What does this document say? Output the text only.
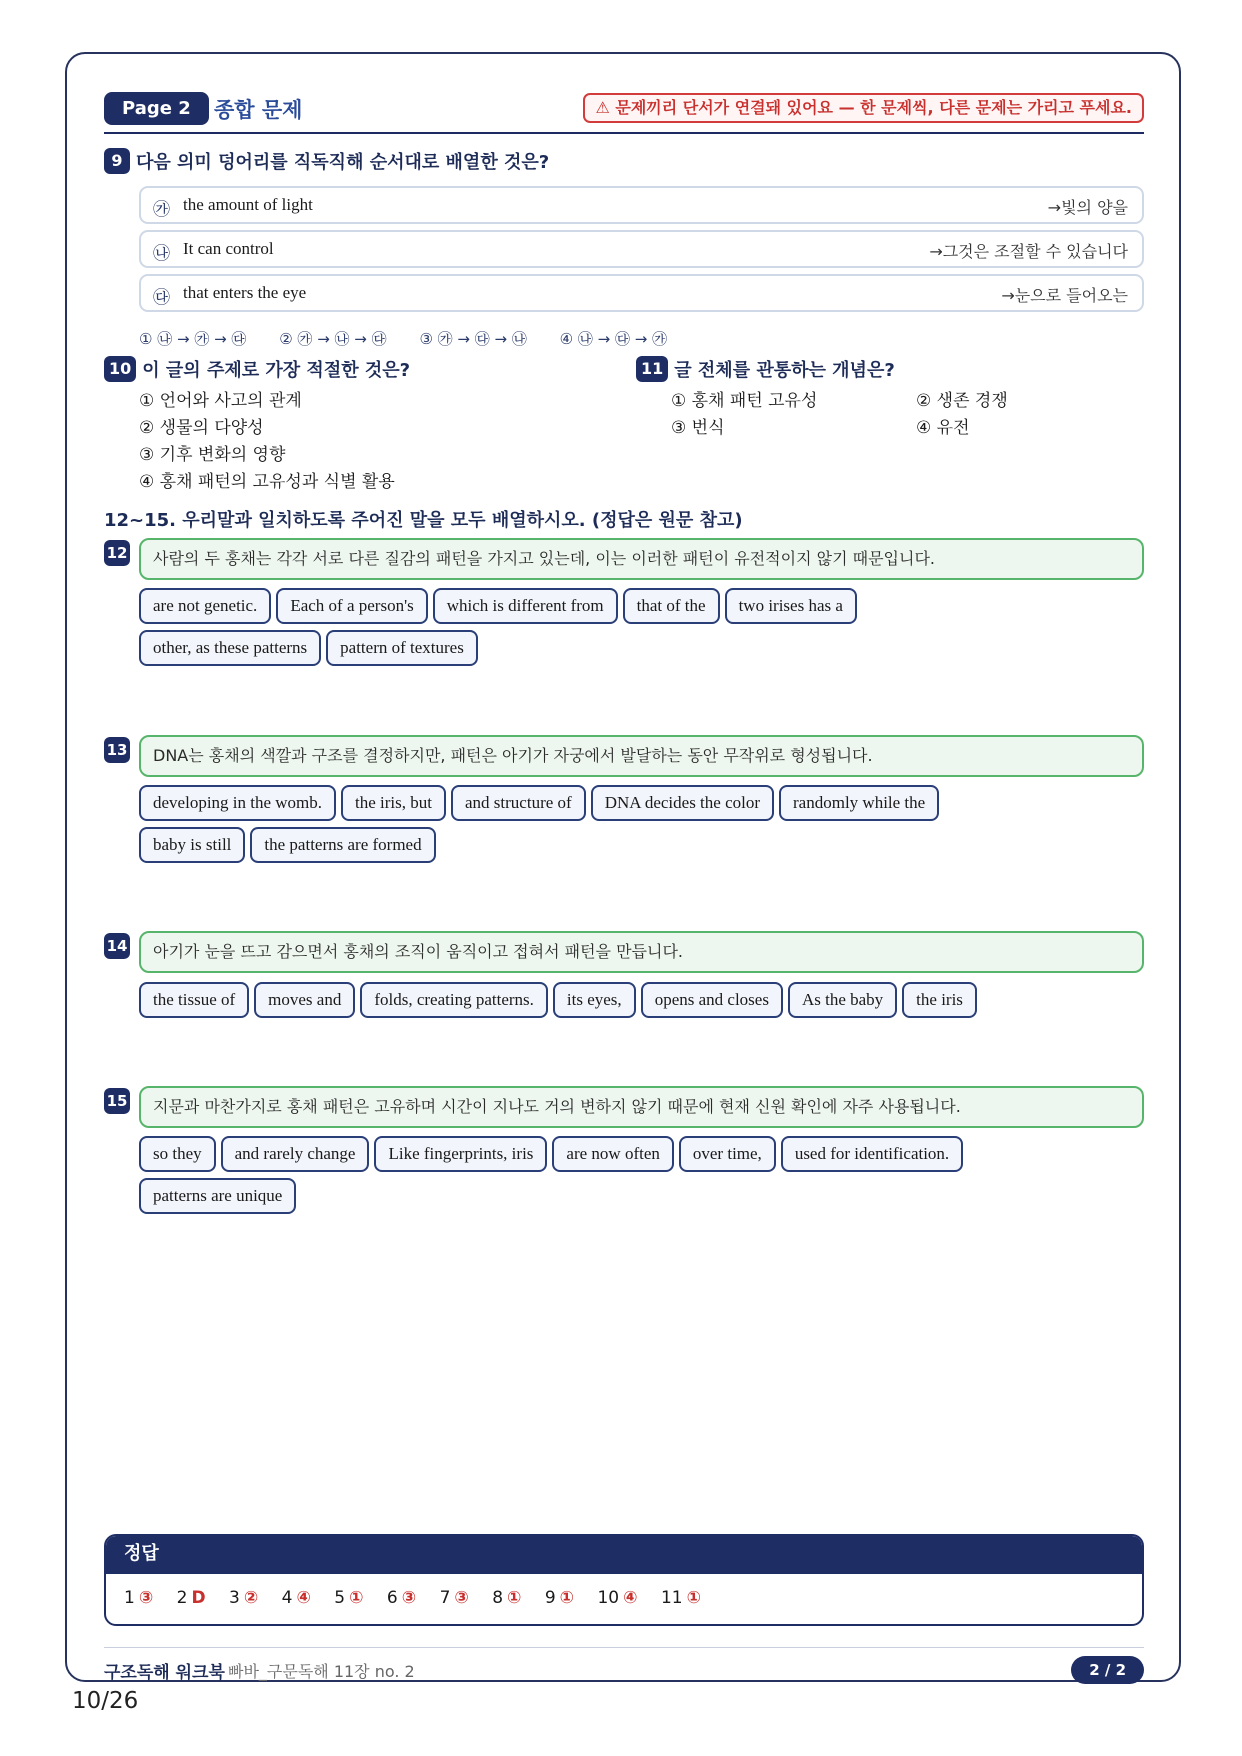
Page 2	종합 문제	⚠ 문제끼리 단서가 연결돼 있어요 — 한 문제씩, 다른 문제는 가리고 푸세요.
9 다음 의미 덩어리를 직독직해 순서대로 배열한 것은?
㉮ the amount of light	→빛의 양을
㉯ It can control	→그것은 조절할 수 있습니다
㉰ that enters the eye	→눈으로 들어오는
① ㉯ → ㉮ → ㉰ ② ㉮ → ㉯ → ㉰ ③ ㉮ → ㉰ → ㉯ ④ ㉯ → ㉰ → ㉮
10 이 글의 주제로 가장 적절한 것은?
① 언어와 사고의 관계
② 생물의 다양성
③ 기후 변화의 영향
④ 홍채 패턴의 고유성과 식별 활용
11 글 전체를 관통하는 개념은?
① 홍채 패턴 고유성	② 생존 경쟁
③ 번식	④ 유전
12~15. 우리말과 일치하도록 주어진 말을 모두 배열하시오. (정답은 원문 참고)
12	사람의 두 홍채는 각각 서로 다른 질감의 패턴을 가지고 있는데, 이는 이러한 패턴이 유전적이지 않기 때문입니다.
are not genetic. Each of a person's which is different from that of the two irises has a
other, as these patterns pattern of textures
13	DNA는 홍채의 색깔과 구조를 결정하지만, 패턴은 아기가 자궁에서 발달하는 동안 무작위로 형성됩니다.
developing in the womb. the iris, but and structure of DNA decides the color randomly while the
baby is still the patterns are formed
14	아기가 눈을 뜨고 감으면서 홍채의 조직이 움직이고 접혀서 패턴을 만듭니다.
the tissue of moves and folds, creating patterns. its eyes, opens and closes As the baby the iris
15	지문과 마찬가지로 홍채 패턴은 고유하며 시간이 지나도 거의 변하지 않기 때문에 현재 신원 확인에 자주 사용됩니다.
so they and rarely change Like fingerprints, iris are now often over time, used for identification.
patterns are unique
정답
1 ③ 2 D 3 ② 4 ④ 5 ① 6 ③ 7 ③ 8 ① 9 ① 10 ④ 11 ①
구조독해 워크북 빠바_구문독해 11장 no. 2	2 / 2
10/26
